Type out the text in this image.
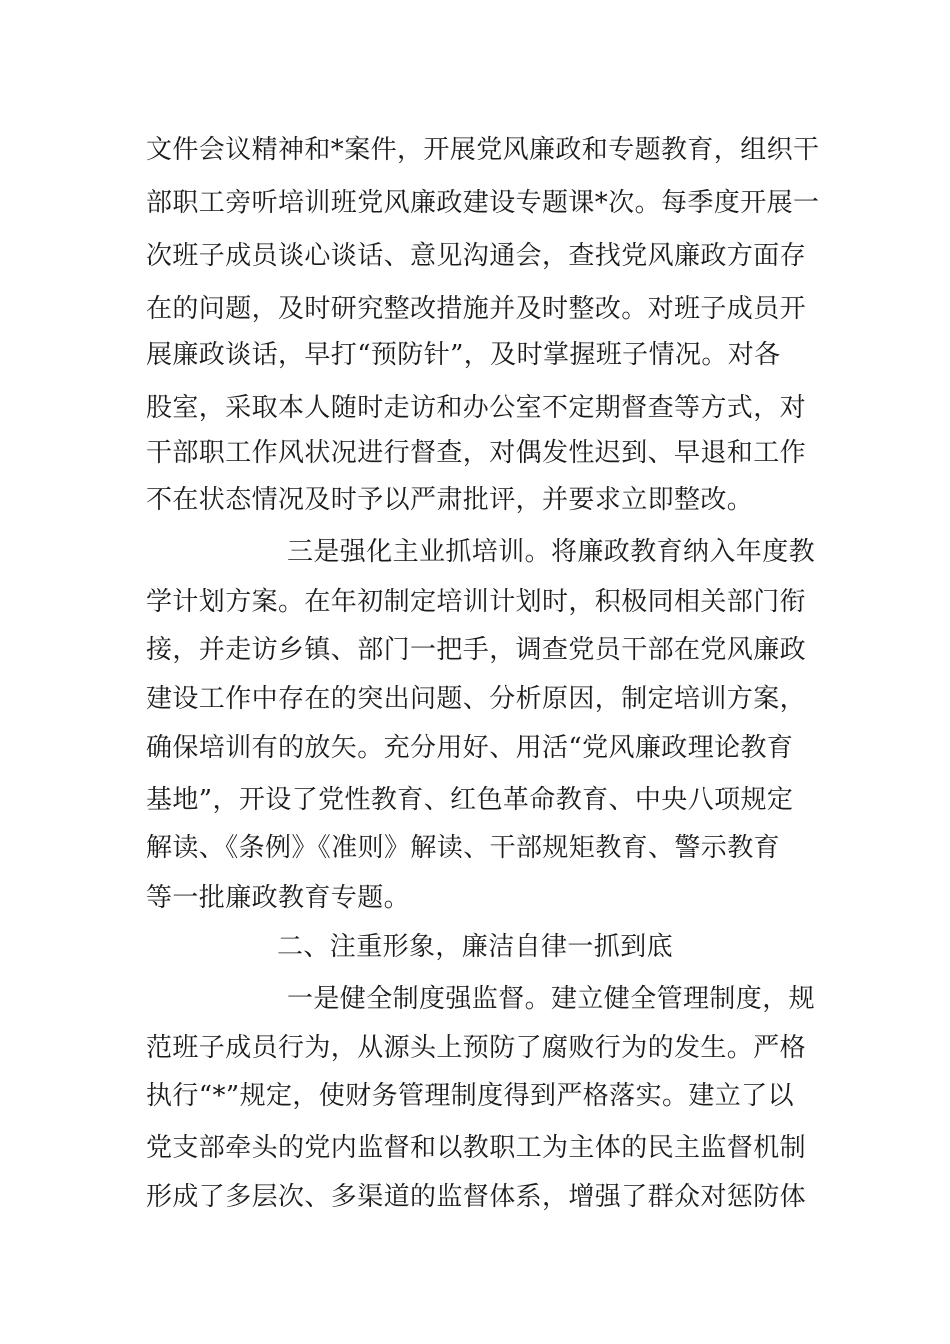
文件会议精神和*案件，开展党风廉政和专题教育，组织干
部职工旁听培训班党风廉政建设专题课*次。每季度开展一
次班子成员谈心谈话、意见沟通会，查找党风廉政方面存
在的问题，及时研究整改措施并及时整改。对班子成员开
展廉政谈话，早打“预防针”，及时掌握班子情况。对各
股室，采取本人随时走访和办公室不定期督查等方式，对
干部职工作风状况进行督查，对偶发性迟到、早退和工作
不在状态情况及时予以严肃批评，并要求立即整改。
三是强化主业抓培训。将廉政教育纳入年度教
学计划方案。在年初制定培训计划时，积极同相关部门衔
接，并走访乡镇、部门一把手，调查党员干部在党风廉政
建设工作中存在的突出问题、分析原因，制定培训方案，
确保培训有的放矢。充分用好、用活“党风廉政理论教育
基地”，开设了党性教育、红色革命教育、中央八项规定
解读、《条例》《准则》解读、干部规矩教育、警示教育
等一批廉政教育专题。
二、注重形象，廉洁自律一抓到底
一是健全制度强监督。建立健全管理制度，规
范班子成员行为，从源头上预防了腐败行为的发生。严格
执行“*”规定，使财务管理制度得到严格落实。建立了以
党支部牵头的党内监督和以教职工为主体的民主监督机制
形成了多层次、多渠道的监督体系，增强了群众对惩防体
